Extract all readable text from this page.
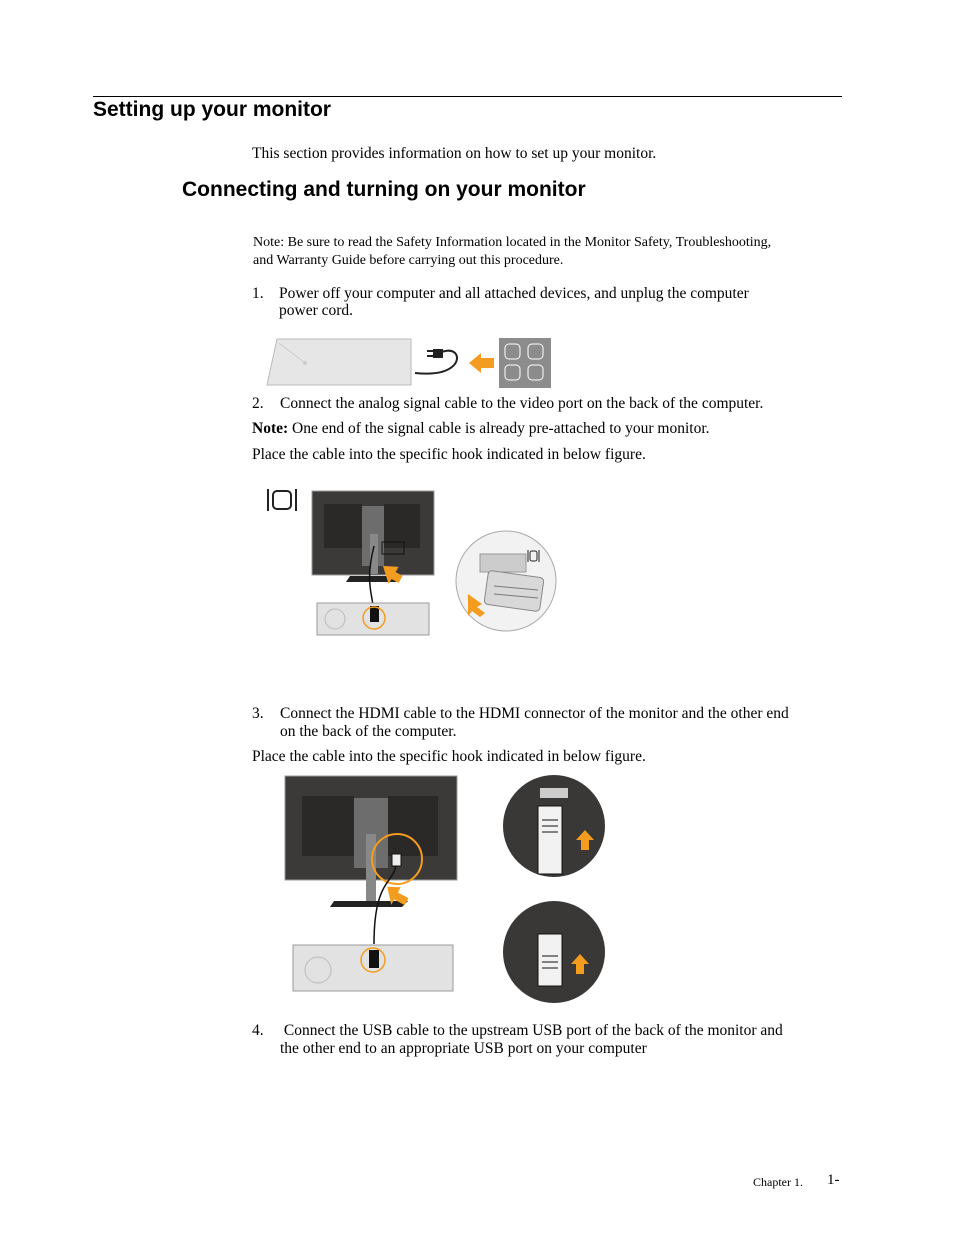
Setting up your monitor
This section provides information on how to set up your monitor.
Connecting and turning on your monitor
Note: Be sure to read the Safety Information located in the Monitor Safety, Troubleshooting,
and Warranty Guide before carrying out this procedure.
1. Power off your computer and all attached devices, and unplug the computer
power cord.
2. Connect the analog signal cable to the video port on the back of the computer.
Note: One end of the signal cable is already pre-attached to your monitor.
Place the cable into the specific hook indicated in below figure.
3. Connect the HDMI cable to the HDMI connector of the monitor and the other end
on the back of the computer.
Place the cable into the specific hook indicated in below figure.
4. Connect the USB cable to the upstream USB port of the back of the monitor and
the other end to an appropriate USB port on your computer
Chapter 1. 1-
